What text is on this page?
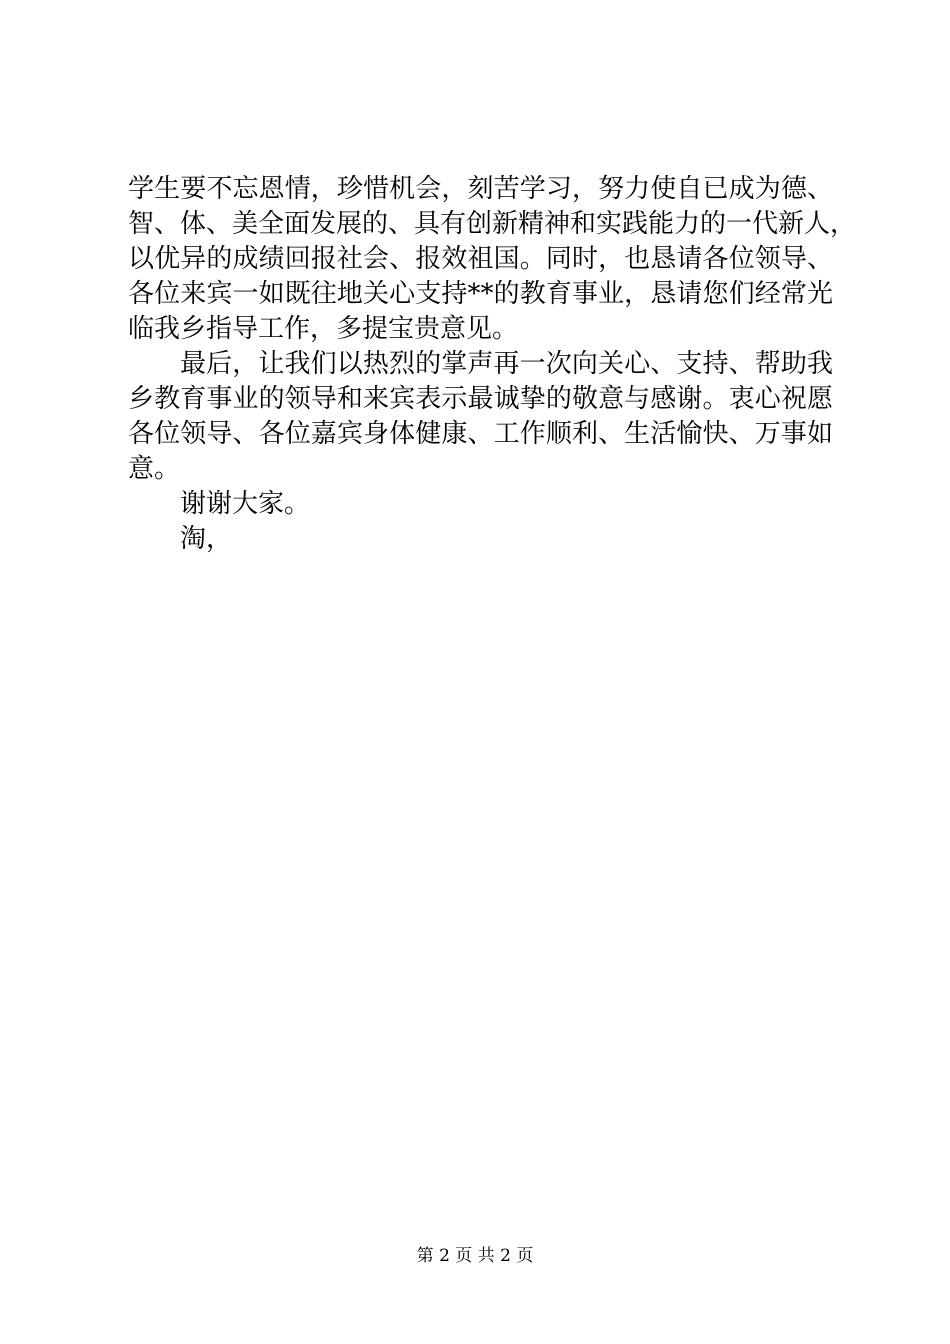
学生要不忘恩情，珍惜机会，刻苦学习，努力使自已成为德、
智、体、美全面发展的、具有创新精神和实践能力的一代新人，
以优异的成绩回报社会、报效祖国。同时，也恳请各位领导、
各位来宾一如既往地关心支持**的教育事业，恳请您们经常光
临我乡指导工作，多提宝贵意见。
最后，让我们以热烈的掌声再一次向关心、支持、帮助我
乡教育事业的领导和来宾表示最诚挚的敬意与感谢。衷心祝愿
各位领导、各位嘉宾身体健康、工作顺利、生活愉快、万事如
意。
谢谢大家。
淘，
第 2 页 共 2 页
